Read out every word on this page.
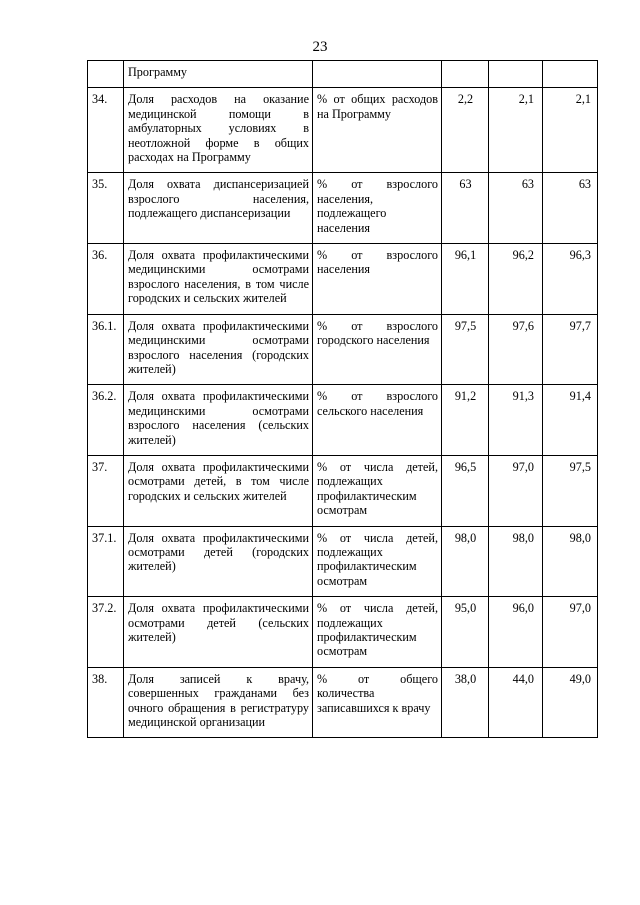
23
	Программу				
34.	Доля расходов на оказание медицинской помощи в амбулаторных условиях в неотложной форме в общих расходах на Программу	% от общих расходов на Программу	2,2	2,1	2,1
35.	Доля охвата диспансеризацией взрослого населения, подлежащего диспансеризации	% от взрослого населения, подлежащего населения	63	63	63
36.	Доля охвата профилактическими медицинскими осмотрами взрослого населения, в том числе городских и сельских жителей	% от взрослого населения	96,1	96,2	96,3
36.1.	Доля охвата профилактическими медицинскими осмотрами взрослого населения (городских жителей)	% от взрослого городского населения	97,5	97,6	97,7
36.2.	Доля охвата профилактическими медицинскими осмотрами взрослого населения (сельских жителей)	% от взрослого сельского населения	91,2	91,3	91,4
37.	Доля охвата профилактическими осмотрами детей, в том числе городских и сельских жителей	% от числа детей, подлежащих профилактическим осмотрам	96,5	97,0	97,5
37.1.	Доля охвата профилактическими осмотрами детей (городских жителей)	% от числа детей, подлежащих профилактическим осмотрам	98,0	98,0	98,0
37.2.	Доля охвата профилактическими осмотрами детей (сельских жителей)	% от числа детей, подлежащих профилактическим осмотрам	95,0	96,0	97,0
38.	Доля записей к врачу, совершенных гражданами без очного обращения в регистратуру медицинской организации	% от общего количества записавшихся к врачу	38,0	44,0	49,0
